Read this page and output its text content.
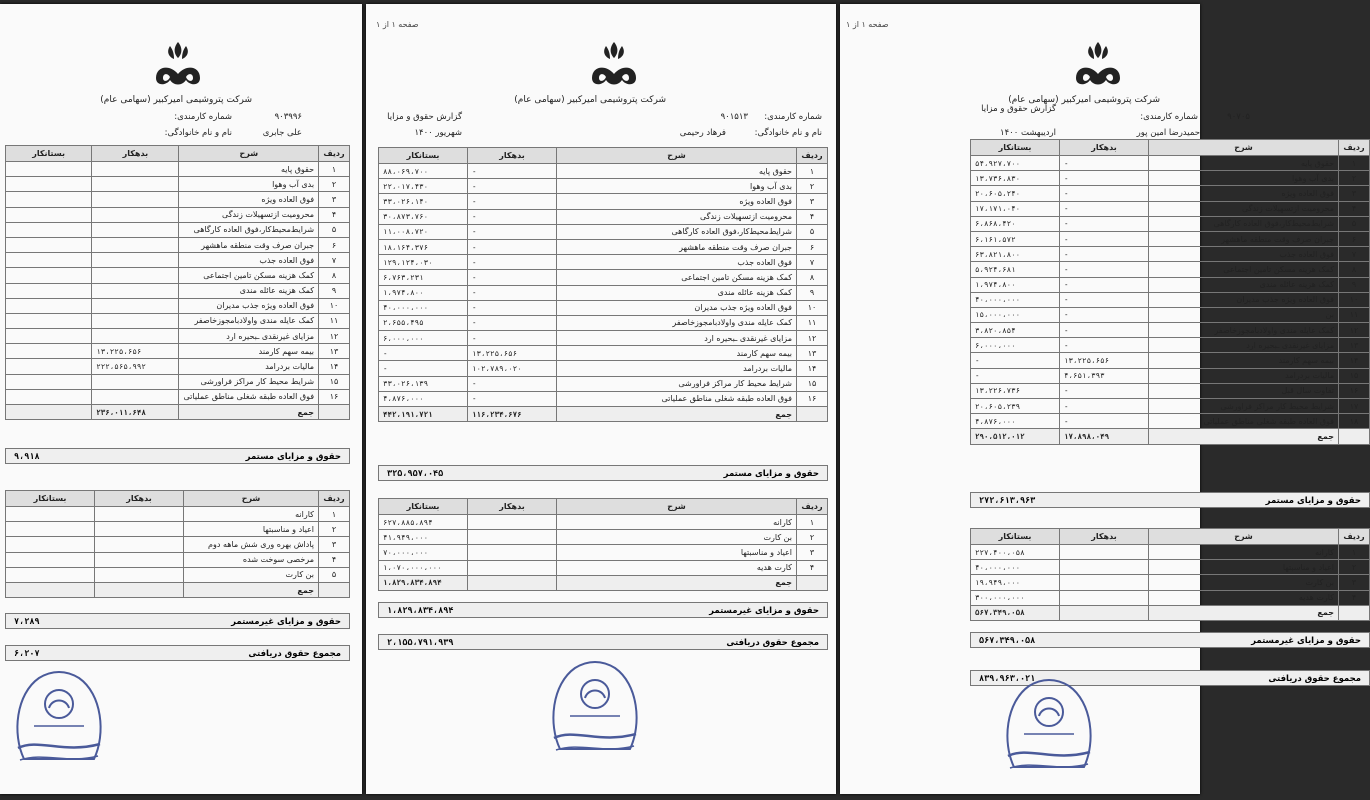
شرکت پتروشیمی امیرکبیر (سهامی عام)
شماره کارمندی:	۹۰۳۹۹۶
نام و نام خانوادگی:	علی جابری
ردیف	شرح	بدهکار	بستانکار
۱	حقوق پایه		
۲	بدی آب وهوا		
۳	فوق العاده ویژه		
۴	محرومیت ازتسهیلات زندگی		
۵	شرایط‌محیط‌کار،فوق العاده کارگاهی		
۶	جبران صرف وقت منطقه ماهشهر		
۷	فوق العاده جذب		
۸	کمک هزینه مسکن تامین اجتماعی		
۹	کمک هزینه عائله مندی		
۱۰	فوق العاده ویژه جذب مدیران		
۱۱	کمک عایله مندی واولادبامجوزخاصفر		
۱۲	مزایای غیرنقدی ـبحیره ارد		
۱۳	بیمه سهم کارمند	۱۳،۲۲۵،۶۵۶	
۱۴	مالیات بردرامد	۲۲۲،۵۶۵،۹۹۲	
۱۵	شرایط محیط کار مراکز فراورشی		
۱۶	فوق العاده طبقه شغلی مناطق عملیاتی		
	جمع	۲۳۶،۰۱۱،۶۴۸	
حقوق و مزایای مستمر
۹،۹۱۸
ردیف	شرح	بدهکار	بستانکار
۱	کارانه		
۲	اعیاد و مناسبتها		
۳	پاداش بهره وری شش ماهه دوم		
۴	مرخصی سوخت شده		
۵	بن کارت		
	جمع		
حقوق و مزایای غیرمستمر
۷،۲۸۹
مجموع حقوق دریافتی
۶،۲۰۷
صفحه ۱ از ۱
شرکت پتروشیمی امیرکبیر (سهامی عام)
گزارش حقوق و مزایا	شماره کارمندی:
۹۰۱۵۱۳
نام و نام خانوادگی:
فرهاد رحیمی
شهریور ۱۴۰۰
ردیف	شرح	بدهکار	بستانکار
۱	حقوق پایه	-	۸۸،۰۶۹،۷۰۰
۲	بدی آب وهوا	-	۲۲،۰۱۷،۴۳۰
۳	فوق العاده ویژه	-	۳۳،۰۲۶،۱۴۰
۴	محرومیت ازتسهیلات زندگی	-	۳۰،۸۷۳،۷۶۰
۵	شرایط‌محیط‌کار،فوق العاده کارگاهی	-	۱۱،۰۰۸،۷۲۰
۶	جبران صرف وقت منطقه ماهشهر	-	۱۸،۱۶۴،۳۷۶
۷	فوق العاده جذب	-	۱۲۹،۱۲۴،۰۳۰
۸	کمک هزینه مسکن تامین اجتماعی	-	۶،۷۶۳،۲۳۱
۹	کمک هزینه عائله مندی	-	۱،۹۷۴،۸۰۰
۱۰	فوق العاده ویژه جذب مدیران	-	۴۰،۰۰۰،۰۰۰
۱۱	کمک عایله مندی واولادبامجوزخاصفر	-	۲،۶۵۵،۴۹۵
۱۲	مزایای غیرنقدی ـبحیره ارد	-	۶،۰۰۰،۰۰۰
۱۳	بیمه سهم کارمند	۱۳،۲۲۵،۶۵۶	-
۱۴	مالیات بردرامد	۱۰۲،۷۸۹،۰۲۰	-
۱۵	شرایط محیط کار مراکز فراورشی	-	۳۳،۰۲۶،۱۳۹
۱۶	فوق العاده طبقه شغلی مناطق عملیاتی	-	۴،۸۷۶،۰۰۰
	جمع	۱۱۶،۲۳۴،۶۷۶	۴۴۲،۱۹۱،۷۲۱
حقوق و مزایای مستمر
۳۲۵،۹۵۷،۰۴۵
ردیف	شرح	بدهکار	بستانکار
۱	کارانه		۶۲۷،۸۸۵،۸۹۴
۲	بن کارت		۴۱،۹۴۹،۰۰۰
۳	اعیاد و مناسبتها		۷۰،۰۰۰،۰۰۰
۴	کارت هدیه		۱،۰۷۰،۰۰۰،۰۰۰
	جمع		۱،۸۲۹،۸۳۴،۸۹۴
حقوق و مزایای غیرمستمر
۱،۸۲۹،۸۳۴،۸۹۴
مجموع حقوق دریافتی
۲،۱۵۵،۷۹۱،۹۳۹
صفحه ۱ از ۱
شرکت پتروشیمی امیرکبیر (سهامی عام)
گزارش حقوق و مزایا
شماره کارمندی:	۹۰۷۰۵
حمیدرضا امین پور
اردیبهشت ۱۴۰۰
ردیف	شرح	بدهکار	بستانکار
۱	حقوق پایه	-	۵۴،۹۲۷،۷۰۰
۲	بدی آب وهوا	-	۱۳،۷۳۶،۸۳۰
۳	فوق العاده ویژه	-	۲۰،۶۰۵،۲۴۰
۴	محرومیت ازتسهیلات زندگی	-	۱۷،۱۷۱،۰۴۰
۵	شرایط‌محیط‌کار،فوق العاده کارگاهی	-	۶،۸۶۸،۴۲۰
۶	جبران صرف وقت منطقه ماهشهر	-	۶،۱۶۱،۵۷۲
۷	فوق العاده جذب	-	۶۳،۸۲۱،۸۰۰
۸	کمک هزینه مسکن تامین اجتماعی	-	۵،۹۲۴،۶۸۱
۹	کمک هزینه عائله مندی	-	۱،۹۷۴،۸۰۰
۱۰	فوق العاده ویژه جذب مدیران	-	۴۰،۰۰۰،۰۰۰
۱۱	بن	-	۱۵،۰۰۰،۰۰۰
۱۲	کمک عایله مندی واولادبامجوزخاصفر	-	۳،۸۲۰،۸۵۴
۱۳	مزایای غیرنقدی ـبحیره ارد	-	۶،۰۰۰،۰۰۰
۱۴	بیمه سهم کارمند	۱۳،۲۲۵،۶۵۶	-
۱۵	مالیات بردرامد	۴،۶۵۱،۳۹۳	-
۱۶	تفاوت سال قبل	-	۱۳،۲۲۶،۷۳۶
۱۷	شرایط محیط کار مراکز فراورشی	-	۲۰،۶۰۵،۲۳۹
۱۸	فوق العاده طبقه شغلی مناطق عملیاتی	-	۴،۸۷۶،۰۰۰
	جمع	۱۷،۸۹۸،۰۴۹	۲۹۰،۵۱۲،۰۱۲
حقوق و مزایای مستمر
۲۷۲،۶۱۳،۹۶۳
ردیف	شرح	بدهکار	بستانکار
۱	کارانه		۲۲۷،۴۰۰،۰۵۸
۲	اعیاد و مناسبتها		۴۰،۰۰۰،۰۰۰
۳	بن کارت		۱۹،۹۴۹،۰۰۰
۴	کارت هدیه		۳۰۰،۰۰۰،۰۰۰
	جمع		۵۶۷،۳۴۹،۰۵۸
حقوق و مزایای غیرمستمر
۵۶۷،۳۴۹،۰۵۸
مجموع حقوق دریافتی
۸۳۹،۹۶۳،۰۲۱
